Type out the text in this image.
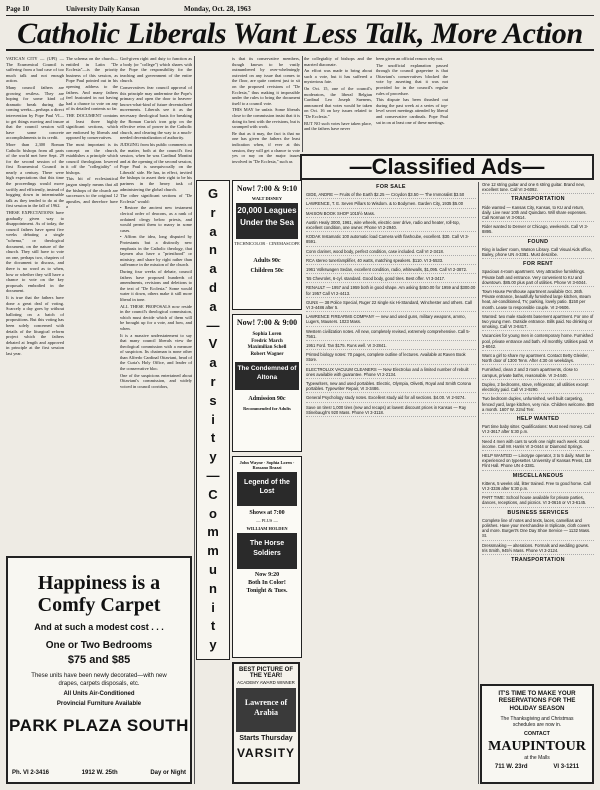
Page 10	University Daily Kansan	Monday, Oct. 28, 1963
Catholic Liberals Want Less Talk, More Action

VATICAN CITY — (UPI) — The Ecumenical Council is suffering from a bad case of too much talk and not enough action.

Many council fathers are growing restless. They are hoping for some kind of dramatic break during the coming weeks—perhaps a direct intervention by Pope Paul VI—to get things moving and insure that the council session will have some concrete accomplishments to its credit.

More than 2,300 Roman Catholic bishops from all parts of the world met here Sept. 29 for the second session of the first Ecumenical Council in nearly a century. There were high expectations that this time the proceedings would move swiftly and efficiently, instead of bogging down in interminable talk as they tended to do at the first session in the fall of 1962.

THESE EXPECTATIONS have gradually given way to disappointment. As of today, the council fathers have spent five weeks debating a single "schema," or theological document, on the nature of the church. They still have to vote on one, perhaps two, chapters of the document to discuss, and there is no word as to when, how or whether they will have a chance to vote on the key proposals embodied in the document.

It is true that the fathers have done a great deal of voting. Scarcely a day goes by without balloting on a batch of propositions. But this voting has been solely concerned with details of the liturgical reform project which the fathers debated at length and approved in principle at the first session last year.

God-given right and duty to function as a body (or "college") which shares with the Pope the responsibility for the teaching and government of the entire church.

Conservatives fear council approval of this principle may undermine the Pope's primacy and open the door to heaven-knows-what-kind of future decentralized movements. Liberals see it as the necessary theological basis for breaking the Roman Curia's iron grip on the effective reins of power in the Catholic church, and clearing the way to a much-needed decentralization of authority.

JUDGING from his public comments on the matter, both at the council's first session, when he was Cardinal Montini and at the opening of the second session, Pope Paul is unequivocally on the Liberals' side. He has, in effect, invited the bishops to assert their right to be his partners in the heavy task of administering the global church.

The other significant sections of "De Ecclesia" would:

• Restore the ancient new testament clerical order of deacons, as a rank of ordained clergy below priests, and would permit them to marry in some cases.

• Affirm the idea, long disputed by Protestants but a distinctly new emphasis in the Catholic theology, that laymen also have a "priesthood" or ministry, and share by right rather than sufferance in the mission of the church.

During four weeks of debate, council fathers have proposed hundreds of amendments, revisions and deletions to the text of "De Ecclesia." Some would water it down, others make it still more liberal in tone.

ALL THESE PROPOSALS now reside in the council's theological commission, which must decide which of them will be brought up for a vote, and how, and when.

It is a massive understatement to say that many council liberals view the theological commission with a measure of suspicion. Its chairman is none other than Alfredo Cardinal Ottaviani, head of the Curia's Holy Office, and leader of the conservative bloc.

One of the suspicions entertained about Ottaviani's commission, and widely voiced in council corridors,

is that its conservative members, though known to be vastly outnumbered by over-whelmingly outvoted on any issue that comes to the floor, are quite content just to sit on the proposed revisions of "De Ecclesia," thus making it impossible under the rules to bring the document itself to a council vote.

THIS MAY be unfair. Some liberals close to the commission insist that it is doing its best with the revisions, but is swamped with work.

Be that as it may, the fact is that no one has given the fathers the least indication when, if ever at this session, they will get a chance to vote yes or nay on the major issues involved in "De Ecclesia," such as

the collegiality of bishops and the married diaconate.

An effort was made to bring about such a vote, but it has suffered a mysterious fate.

On Oct. 15, one of the council's moderators, the liberal Belgian Cardinal Leo Joseph Suenens, announced that votes would be taken on Oct. 16 on key issues related to "De Ecclesia."

BUT NO such votes have taken place, and the fathers have never

been given an official reason why not.

The unofficial explanation passed through the council grapevine is that Ottaviani's conservatives blocked the vote by asserting that it was not provided for in the council's regular rules of procedure.

This dispute has been thrashed out during the past week at a series of top-level secret meetings attended by liberal and conservative cardinals. Pope Paul sat in on at least one of these meetings.

The schema on the church—entitled in Latin "De Ecclesia"—is the priority business of this session, as Pope Paul pointed out in his opening address to the fathers. And many fathers feel frustrated in not having had a chance to vote on any of its detailed contents so far.

THE DOCUMENT contains at least three highly significant sections, which are endorsed by liberals and opposed by conservatives.

The most important is its concept on the church, establishes a principle which council theologians lowered it off the "collegiality" of bishops.

This bit of ecclesiastical jargon simply means that all the bishops of the church are successors to the original 12 apostles, and therefore have a

—Classified Ads—
G
r
a
n
a
d
a
—
V
a
r
s
i
t
y
—
C
o
m
m
u
n
i
t
y
Now! 7:00 & 9:10
WALT DISNEY
20,000 Leagues Under the Sea
TECHNICOLOR · CINEMASCOPE
Adults 90c
Children 50c
Now! 7:00 & 9:00
Sophia Loren
Fredric March
Maximilian Schell
Robert Wagner
The Condemned of Altona
Admission 90c
Recommended for Adults
John Wayne · Sophia Loren · Rossano Brazzi
Legend of the Lost
Shows at 7:00
— PLUS —
WILLIAM HOLDEN
The Horse Soldiers
Now 9:20
Both In Color!
Tonight & Tues.
BEST PICTURE OF THE YEAR!
ACADEMY AWARD WINNER
Lawrence of Arabia
Starts Thursday
VARSITY
Happiness is a Comfy Carpet
And at such a modest cost . . .
One or Two Bedrooms
$75 and $85
These units have been newly decorated—with new drapes, carpets disposals, etc.
All Units Air-Conditioned
Provincial Furniture Available
PARK PLAZA SOUTH
Ph. VI 2-3416	1912 W. 25th	Day or Night
FOR SALE
GIDE, ANDRE — Fruits of the Earth $2.25 — Croydon $3.50 — The Immoralist $3.50
LAWRENCE, T. E. Seven Pillars to Wisdom. & to Bodymen. Garden City, 1935 $5.00
MAISON BOOK SHOP 1015½ Mass.
Austin Healy 3000, 1961, wire wheels, electric over drive, radio and heater, roll-top, excellent condition, one owner. Phone VI 2-2940.
KODAK Instamatic 100 automatic load Camera with flashcube, excellent. $30. Call VI 3-8591.
Conn clarinet, wood body, perfect condition, case included. Call VI 2-3418.
RCA stereo tuner/amplifier, 40 watts, matching speakers. $110. VI 3-5533.
1961 Volkswagen Sedan, excellent condition, radio, whitewalls, $1,095. Call VI 2-3872.
'55 Chevrolet, 6-cyl. standard. Good body, good tires. Best offer. VI 3-3417.
RENAULT — 1957 and 1959 both in good shape. Am asking $450.00 for 1959 and $300.00 for 1957 Call VI 2-4413.
GUNS — 38 Police Special, Ruger 22 single six Hi-Standard, Winchester and others. Call VI 3-4486 after 5.
LAWRENCE FIREARMS COMPANY — new and used guns, military weapons, ammo, Lugers, Mausers. 1023 Mass.
Western civilization notes. All new, completely revised, extremely comprehensive. Call 5-7561.
1951 Ford. Tan $175. Runs well. VI 3-2841.
Printed biology notes: 70 pages, complete outline of lectures. Available at Raven Book Store.
ELECTROLUX VACUUM CLEANERS — New Electrolux and a limited number of rebuilt ones available with guarantee. Phone VI 2-2134.
Typewriters, new and used portables. Electric, Olympia, Olivetti, Royal and Smith Corona portables. Typewriter Repair, VI 3-3486.
General Psychology study notes. Excellent study aid for all sections. $4.00. VI 2-9274.
Save on tires! 1,000 tires (new and recaps) at lowest discount prices in Kansas — Ray Stinebaugh's 920 Mass. Phone VI 3-3118.
One 12 string guitar and one 6 string guitar. Brand new, excellent tone. Call VI 3-6092.
TRANSPORTATION
Ride wanted — Kansas City, Kansas, to KU and return, daily. Live near 10th and Quindaro. Will share expenses. Call Norman VI 3-0614.
Rider wanted to Denver or Chicago, weekends. Call VI 3-8895.
FOUND
Ring in ladies' room, Watson Library. Call Visual Aids office, Bailey, phone UN 4-3381. Must describe.
FOR RENT
Spacious 4-room apartment. Very attractive furnishings. Private bath and entrance. Very convenient to KU and downtown. $85.00 plus part of utilities. Phone VI 3-6044.
Town House Penthouse apartment available Oct. 26th. Private entrance, beautifully furnished large kitchen, steam heat, air-conditioned, TV, parking, lovely patio. $150 per month. Lease to responsible couple. VI 2-9606.
Wanted: two male students basement apartment. For one of two young men. Outside entrance. Bills paid. No drinking or smoking. Call VI 3-8417.
Vacancies for young men in contemporary home. Furnished pool, private entrance and bath. All monthly. Utilities paid. VI 3-6042.
Want a girl to share my apartment. Contact Betty Gleisler, North door of 1300 Tenn. After 4:30 on weekdays.
Furnished, clean 2 and 3 room apartments, close to campus, private baths, reasonable. VI 3-4440.
Duplex, 2 bedrooms, stove, refrigerator, all utilities except electricity paid. Call VI 2-9290.
Two bedroom duplex, unfurnished, well built carpeting, fenced yard, large kitchen, very nice. Children welcome. $80 a month. 1607 W. 22nd Terr.
HELP WANTED
Part time baby sitter. Qualifications: Must need money. Call VI 2-3617 after 5:30 p.m.
Need 4 men with cars to work one night each week. Good income. Call Mr. Harris VI 3-0444 or Diamond Springs.
HELP WANTED — Linotype operator, 3 to 5 daily. Must be experienced on typesetter. University of Kansas Press, 118 Flint Hall. Phone UN 4-3381.
MISCELLANEOUS
Kittens, 5 weeks old, litter trained. Free to good home. Call VI 2-3336 after 5:30 p.m.
PART TIME: School house available for private parties, dances, receptions, and picnics. VI 3-0616 or VI 3-6145.
BUSINESS SERVICES
Complete line of notes and texts, laces, camellias and polishes. Have your merchandise in triplicate, cloth covers and more. Burgert's One Day Shoe Service — 1132 Mass. St.
Dressmaking — alterations. Formals and wedding gowns. Iris Smith, 945½ Mass. Phone VI 3-2124.
TRANSPORTATION
IT'S TIME TO MAKE YOUR RESERVATIONS FOR THE HOLIDAY SEASON
The Thanksgiving and Christmas schedules are now in.
CONTACT
MAUPINTOUR
at the Malls
711 W. 23rd	VI 3-1211
